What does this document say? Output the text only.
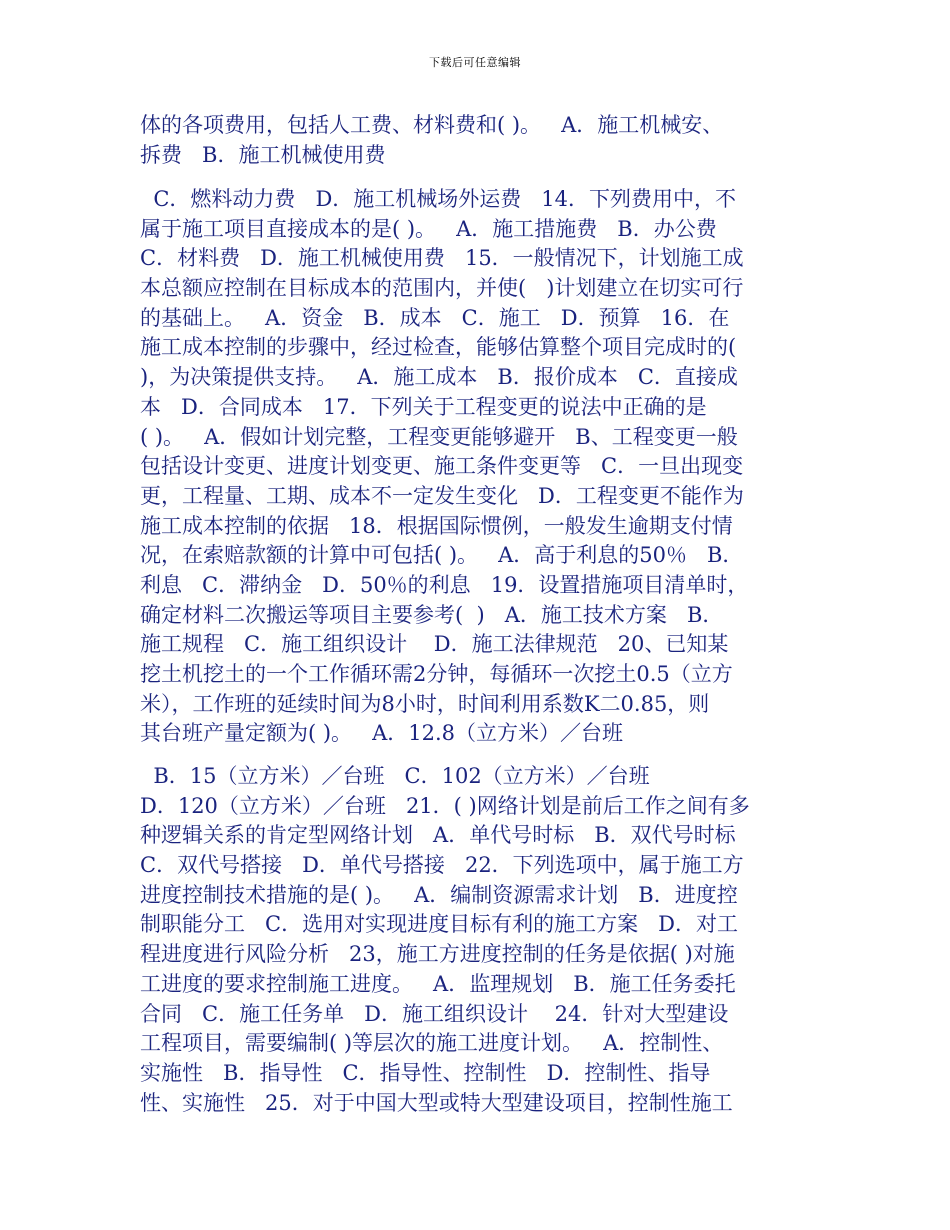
下载后可任意编辑
体的各项费用，包括人工费、材料费和( )。   A．施工机械安、
拆费   B．施工机械使用费
C．燃料动力费   D．施工机械场外运费   14．下列费用中，不
属于施工项目直接成本的是( )。   A．施工措施费   B．办公费
C．材料费   D．施工机械使用费   15．一般情况下，计划施工成
本总额应控制在目标成本的范围内，并使(   )计划建立在切实可行
的基础上。   A．资金   B．成本   C．施工   D．预算   16．在
施工成本控制的步骤中，经过检查，能够估算整个项目完成时的(
)，为决策提供支持。   A．施工成本   B．报价成本   C．直接成
本   D．合同成本   17．下列关于工程变更的说法中正确的是
( )。   A．假如计划完整，工程变更能够避开   B、工程变更一般
包括设计变更、进度计划变更、施工条件变更等   C．一旦出现变
更，工程量、工期、成本不一定发生变化   D．工程变更不能作为
施工成本控制的依据   18．根据国际惯例，一般发生逾期支付情
况，在索赔款额的计算中可包括( )。   A．高于利息的50％   B．
利息   C．滞纳金   D．50％的利息   19．设置措施项目清单时，
确定材料二次搬运等项目主要参考(  )   A．施工技术方案   B．
施工规程   C．施工组织设计    D．施工法律规范   20、已知某
挖土机挖土的一个工作循环需2分钟，每循环一次挖土0.5（立方
米），工作班的延续时间为8小时，时间利用系数K二0.85，则
其台班产量定额为( )。   A．12.8（立方米）／台班
B．15（立方米）／台班   C．102（立方米）／台班
D．120（立方米）／台班   21．( )网络计划是前后工作之间有多
种逻辑关系的肯定型网络计划   A．单代号时标   B．双代号时标
C．双代号搭接   D．单代号搭接   22．下列选项中，属于施工方
进度控制技术措施的是( )。   A．编制资源需求计划   B．进度控
制职能分工   C．选用对实现进度目标有利的施工方案   D．对工
程进度进行风险分析   23，施工方进度控制的任务是依据( )对施
工进度的要求控制施工进度。   A．监理规划   B．施工任务委托
合同   C．施工任务单   D．施工组织设计    24．针对大型建设
工程项目，需要编制( )等层次的施工进度计划。   A．控制性、
实施性   B．指导性   C．指导性、控制性   D．控制性、指导
性、实施性   25．对于中国大型或特大型建设项目，控制性施工
